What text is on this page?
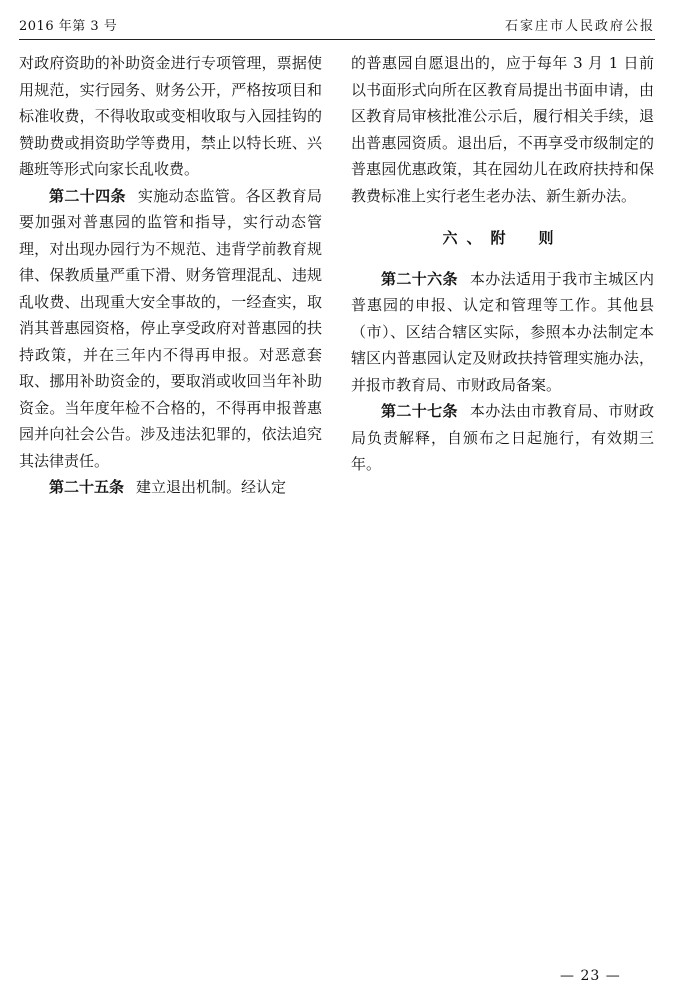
2016 年第 3 号	石家庄市人民政府公报

对政府资助的补助资金进行专项管理，票据使用规范，实行园务、财务公开，严格按项目和标准收费，不得收取或变相收取与入园挂钩的赞助费或捐资助学等费用，禁止以特长班、兴趣班等形式向家长乱收费。

第二十四条 实施动态监管。各区教育局要加强对普惠园的监管和指导，实行动态管理，对出现办园行为不规范、违背学前教育规律、保教质量严重下滑、财务管理混乱、违规乱收费、出现重大安全事故的，一经查实，取消其普惠园资格，停止享受政府对普惠园的扶持政策，并在三年内不得再申报。对恶意套取、挪用补助资金的，要取消或收回当年补助资金。当年度年检不合格的，不得再申报普惠园并向社会公告。涉及违法犯罪的，依法追究其法律责任。

第二十五条 建立退出机制。经认定

的普惠园自愿退出的，应于每年 3 月 1 日前以书面形式向所在区教育局提出书面申请，由区教育局审核批准公示后，履行相关手续，退出普惠园资质。退出后，不再享受市级制定的普惠园优惠政策，其在园幼儿在政府扶持和保教费标准上实行老生老办法、新生新办法。

六、附　则

第二十六条 本办法适用于我市主城区内普惠园的申报、认定和管理等工作。其他县（市）、区结合辖区实际，参照本办法制定本辖区内普惠园认定及财政扶持管理实施办法，并报市教育局、市财政局备案。

第二十七条 本办法由市教育局、市财政局负责解释，自颁布之日起施行，有效期三年。

— 23 —
